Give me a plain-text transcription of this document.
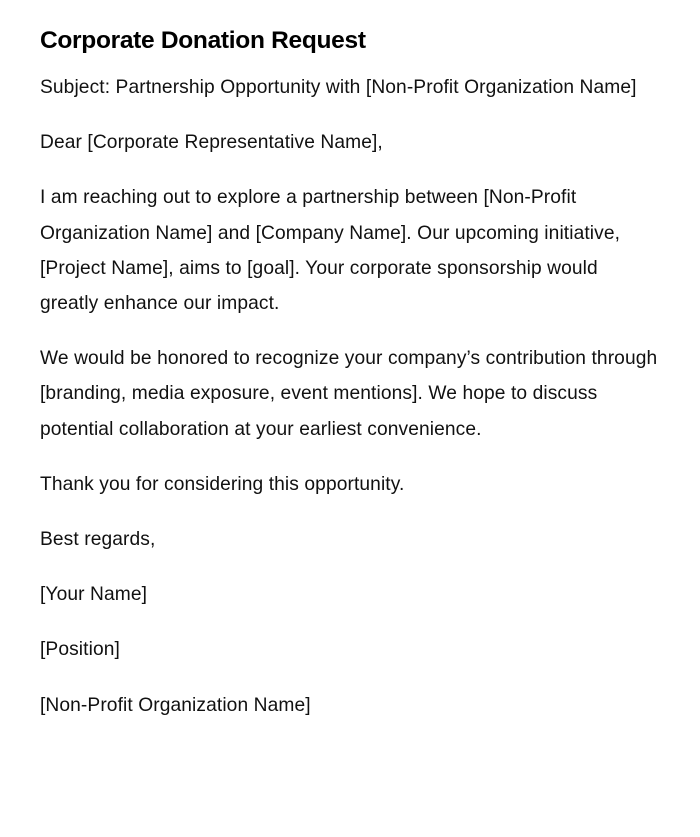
Corporate Donation Request

Subject: Partnership Opportunity with [Non-Profit Organization Name]

Dear [Corporate Representative Name],

I am reaching out to explore a partnership between [Non-Profit Organization Name] and [Company Name]. Our upcoming initiative, [Project Name], aims to [goal]. Your corporate sponsorship would greatly enhance our impact.

We would be honored to recognize your company’s contribution through [branding, media exposure, event mentions]. We hope to discuss potential collaboration at your earliest convenience.

Thank you for considering this opportunity.

Best regards,

[Your Name]

[Position]

[Non-Profit Organization Name]
